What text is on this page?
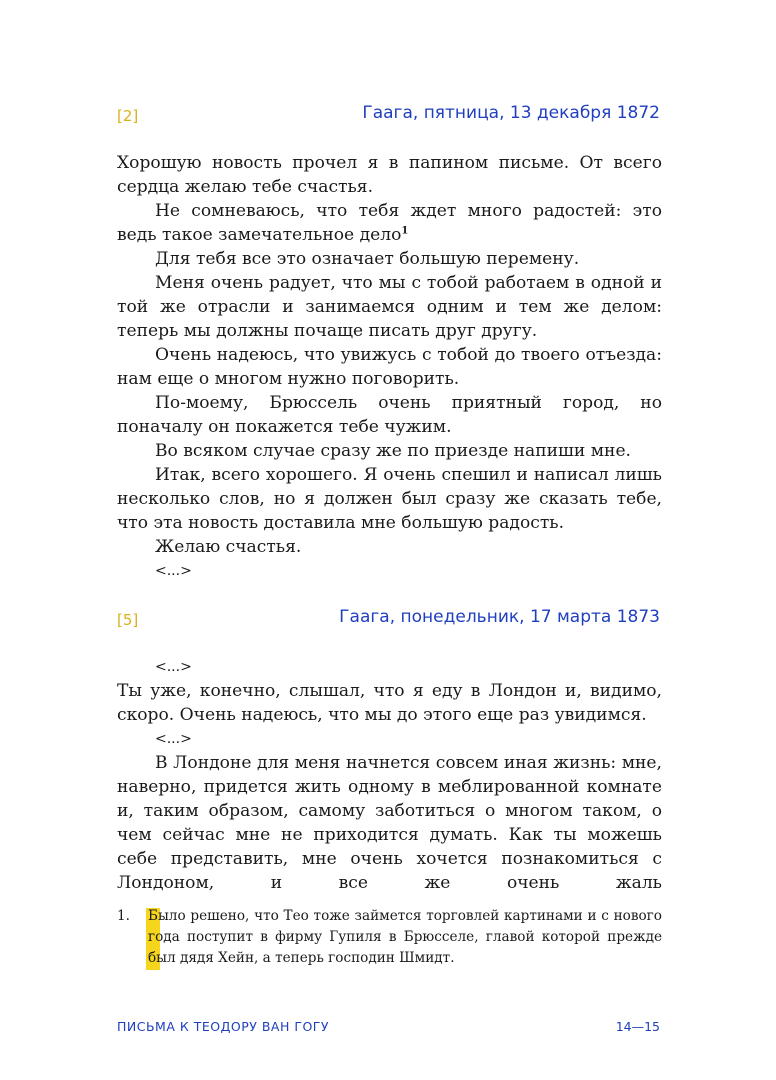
[2]	Гаага, пятница, 13 декабря 1872

Хорошую новость прочел я в папином письме. От всего сердца желаю тебе счастья.

Не сомневаюсь, что тебя ждет много радостей: это ведь такое замечательное дело$^1$

Для тебя все это означает большую перемену.

Меня очень радует, что мы с тобой работаем в одной и той же отрасли и занимаемся одним и тем же делом: теперь мы должны почаще писать друг другу.

Очень надеюсь, что увижусь с тобой до твоего отъезда: нам еще о многом нужно поговорить.

По-моему, Брюссель очень приятный город, но поначалу он покажется тебе чужим.

Во всяком случае сразу же по приезде напиши мне.

Итак, всего хорошего. Я очень спешил и написал лишь несколько слов, но я должен был сразу же сказать тебе, что эта новость доставила мне большую радость.

Желаю счастья.

<...>

[5]	Гаага, понедельник, 17 марта 1873

<...>

Ты уже, конечно, слышал, что я еду в Лондон и, видимо, скоро. Очень надеюсь, что мы до этого еще раз увидимся.

<...>

В Лондоне для меня начнется совсем иная жизнь: мне, наверно, придется жить одному в меблированной комнате и, таким образом, самому заботиться о многом таком, о чем сейчас мне не приходится думать. Как ты можешь себе представить, мне очень хочется познакомиться с Лондоном, и все же очень жаль

1. Было решено, что Тео тоже займется торговлей картинами и с нового года поступит в фирму Гупиля в Брюсселе, главой которой прежде был дядя Хейн, а теперь господин Шмидт.
ПИСЬМА К ТЕОДОРУ ВАН ГОГУ	14—15
